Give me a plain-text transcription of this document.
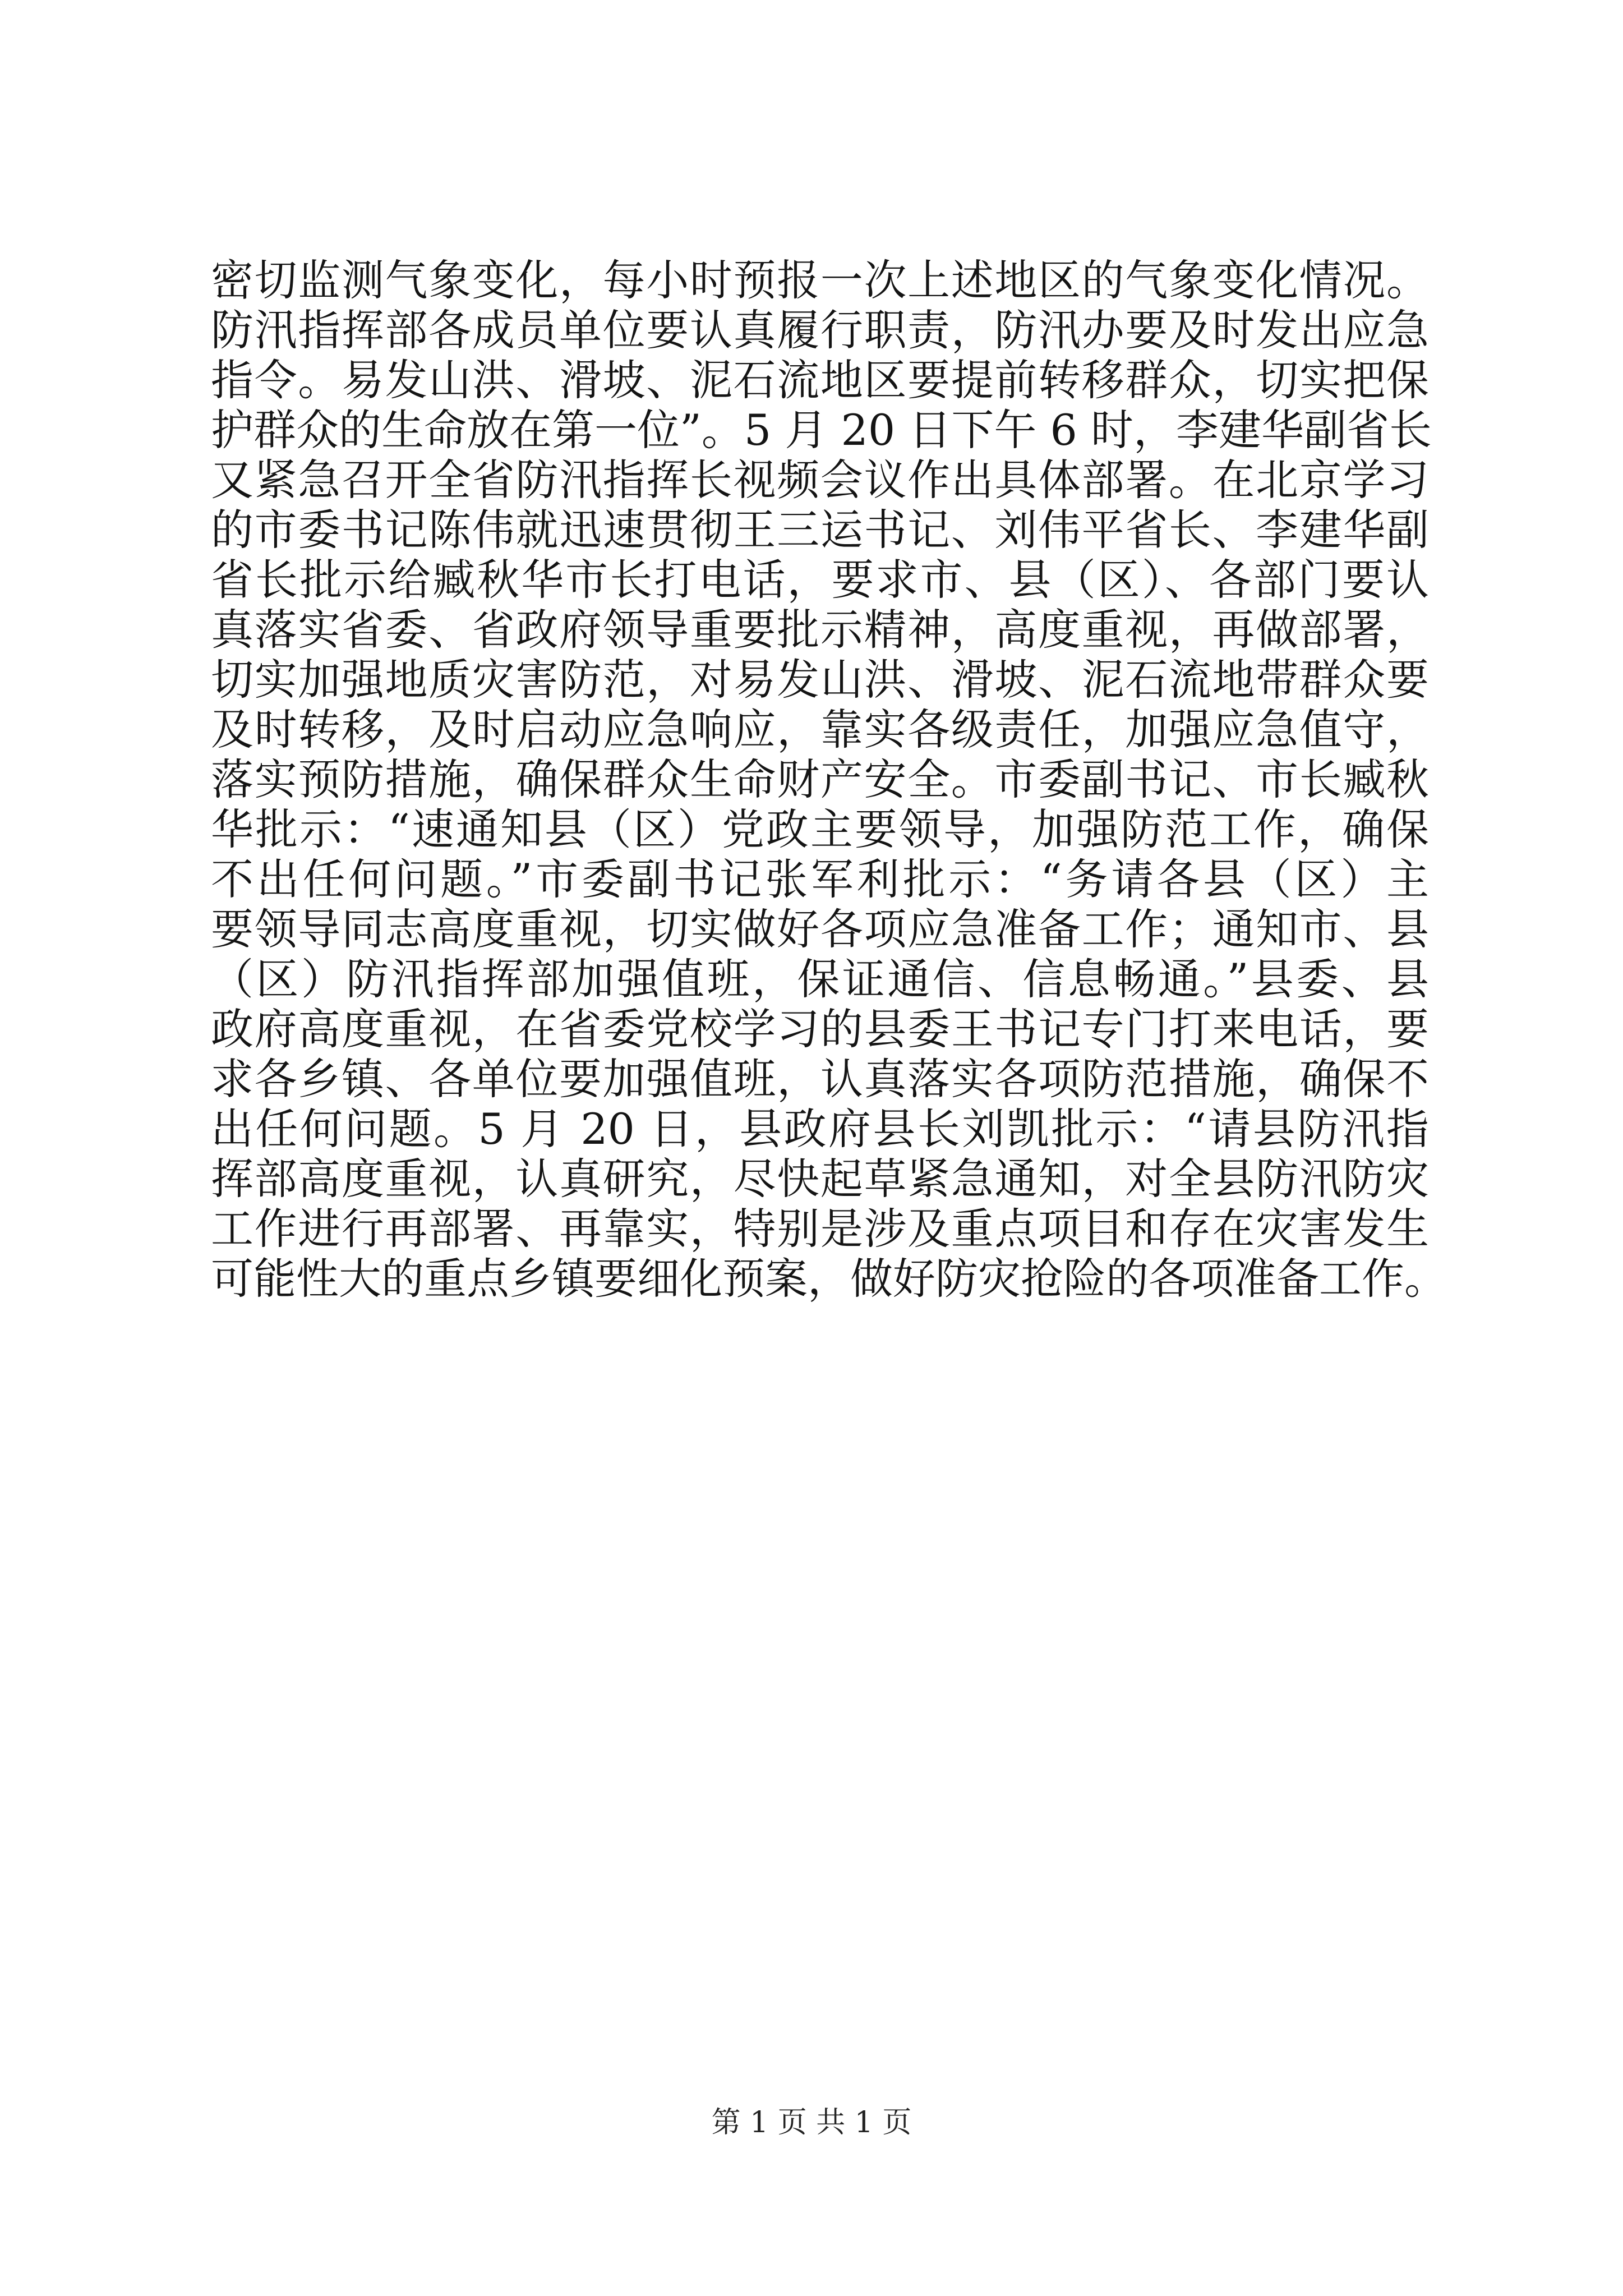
密切监测气象变化，每小时预报一次上述地区的气象变化情况。
防汛指挥部各成员单位要认真履行职责，防汛办要及时发出应急
指令。易发山洪、滑坡、泥石流地区要提前转移群众，切实把保
护群众的生命放在第一位”。5 月 20 日下午 6 时，李建华副省长
又紧急召开全省防汛指挥长视频会议作出具体部署。在北京学习
的市委书记陈伟就迅速贯彻王三运书记、刘伟平省长、李建华副
省长批示给臧秋华市长打电话，要求市、县（区）、各部门要认
真落实省委、省政府领导重要批示精神，高度重视，再做部署，
切实加强地质灾害防范，对易发山洪、滑坡、泥石流地带群众要
及时转移，及时启动应急响应，靠实各级责任，加强应急值守，
落实预防措施，确保群众生命财产安全。市委副书记、市长臧秋
华批示：“速通知县（区）党政主要领导，加强防范工作，确保
不出任何问题。”市委副书记张军利批示：“务请各县（区）主
要领导同志高度重视，切实做好各项应急准备工作；通知市、县
（区）防汛指挥部加强值班，保证通信、信息畅通。”县委、县
政府高度重视，在省委党校学习的县委王书记专门打来电话，要
求各乡镇、各单位要加强值班，认真落实各项防范措施，确保不
出任何问题。5 月 20 日，县政府县长刘凯批示：“请县防汛指
挥部高度重视，认真研究，尽快起草紧急通知，对全县防汛防灾
工作进行再部署、再靠实，特别是涉及重点项目和存在灾害发生
可能性大的重点乡镇要细化预案，做好防灾抢险的各项准备工作。
第 1 页 共 1 页
